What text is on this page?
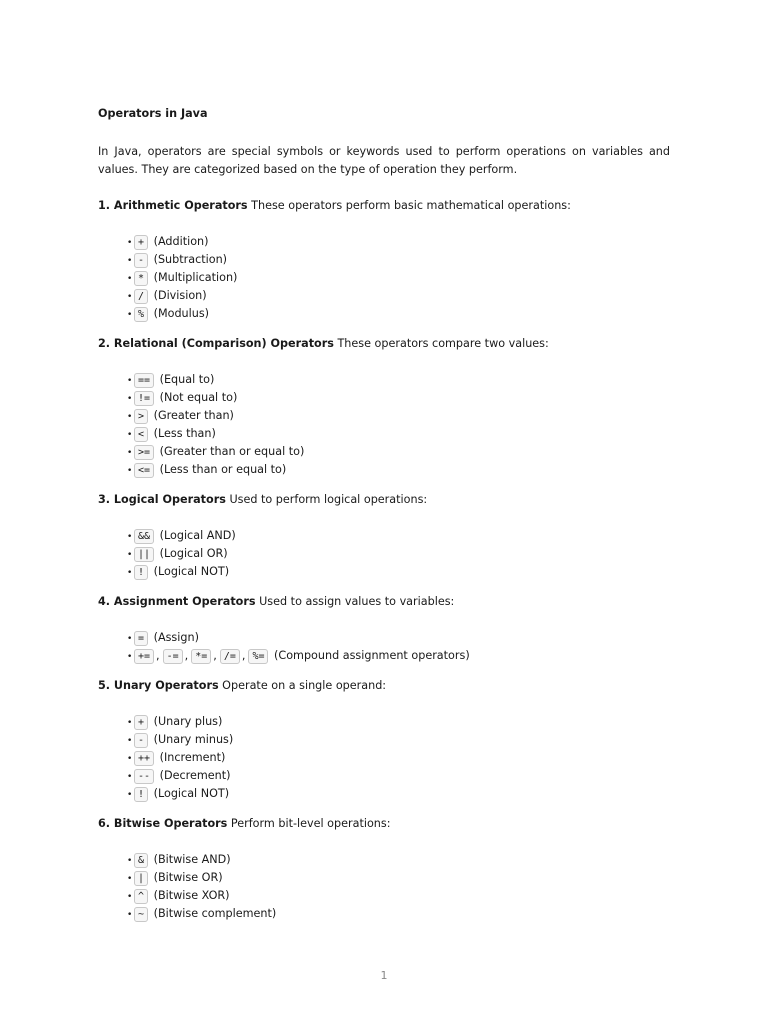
Operators in Java

In Java, operators are special symbols or keywords used to perform operations on variables and values. They are categorized based on the type of operation they perform.

1. Arithmetic Operators These operators perform basic mathematical operations:

• + (Addition)
• - (Subtraction)
• * (Multiplication)
• / (Division)
• % (Modulus)

2. Relational (Comparison) Operators These operators compare two values:

• == (Equal to)
• != (Not equal to)
• > (Greater than)
• < (Less than)
• >= (Greater than or equal to)
• <= (Less than or equal to)

3. Logical Operators Used to perform logical operations:

• && (Logical AND)
• || (Logical OR)
• ! (Logical NOT)

4. Assignment Operators Used to assign values to variables:

• = (Assign)
• += , -= , *= , /= , %= (Compound assignment operators)

5. Unary Operators Operate on a single operand:

• + (Unary plus)
• - (Unary minus)
• ++ (Increment)
• -- (Decrement)
• ! (Logical NOT)

6. Bitwise Operators Perform bit-level operations:

• & (Bitwise AND)
• | (Bitwise OR)
• ^ (Bitwise XOR)
• ~ (Bitwise complement)
1
